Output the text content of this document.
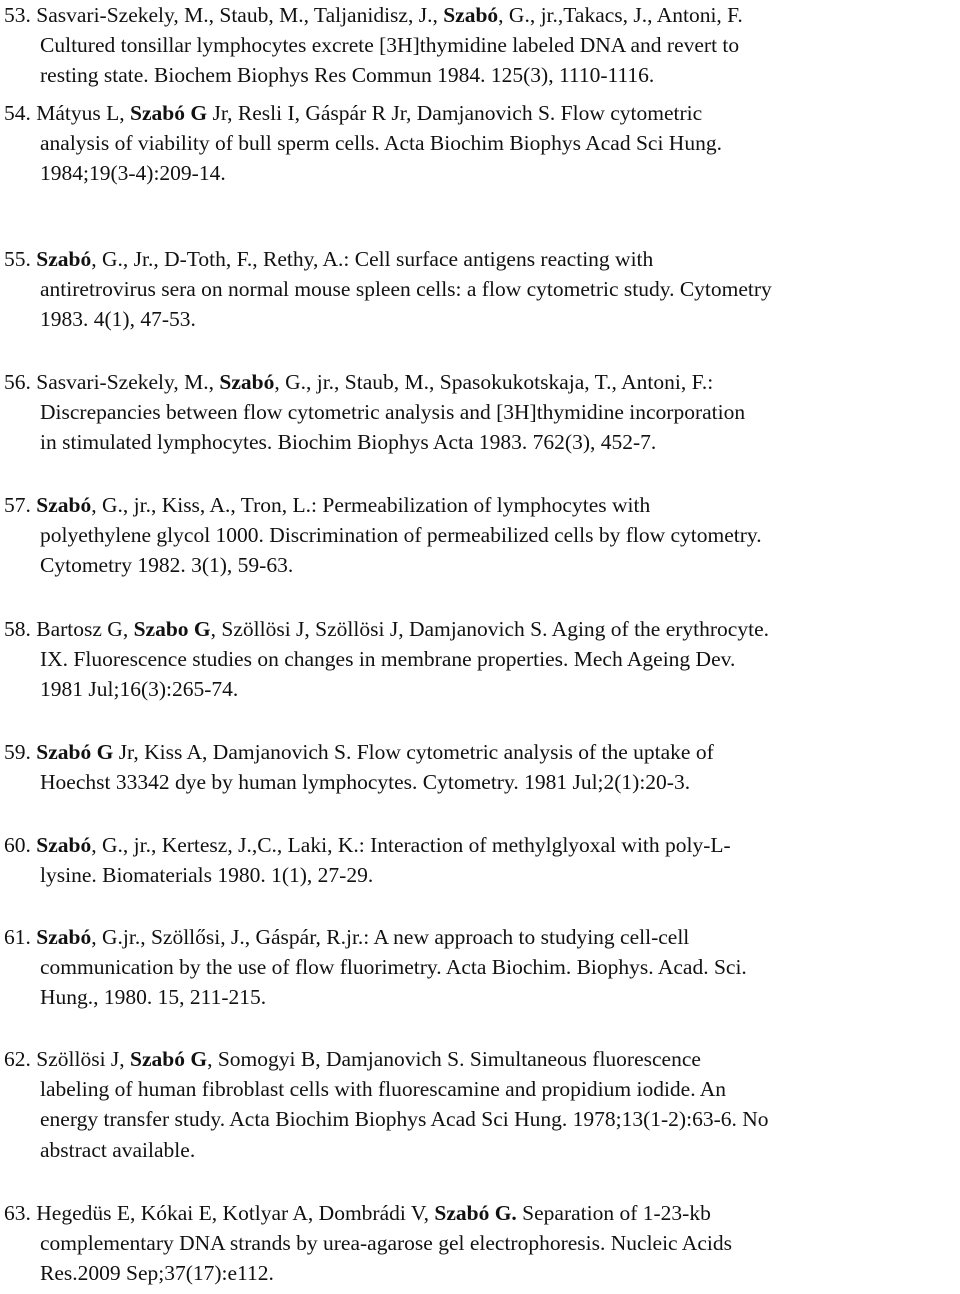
53. Sasvari-Szekely, M., Staub, M., Taljanidisz, J., Szabó, G., jr.,Takacs, J., Antoni, F.
Cultured tonsillar lymphocytes excrete [3H]thymidine labeled DNA and revert to
resting state. Biochem Biophys Res Commun 1984. 125(3), 1110-1116.
54. Mátyus L, Szabó G Jr, Resli I, Gáspár R Jr, Damjanovich S. Flow cytometric
analysis of viability of bull sperm cells. Acta Biochim Biophys Acad Sci Hung.
1984;19(3-4):209-14.
55. Szabó, G., Jr., D-Toth, F., Rethy, A.: Cell surface antigens reacting with
antiretrovirus sera on normal mouse spleen cells: a flow cytometric study. Cytometry
1983. 4(1), 47-53.
56. Sasvari-Szekely, M., Szabó, G., jr., Staub, M., Spasokukotskaja, T., Antoni, F.:
Discrepancies between flow cytometric analysis and [3H]thymidine incorporation
in stimulated lymphocytes. Biochim Biophys Acta 1983. 762(3), 452-7.
57. Szabó, G., jr., Kiss, A., Tron, L.: Permeabilization of lymphocytes with
polyethylene glycol 1000. Discrimination of permeabilized cells by flow cytometry.
Cytometry 1982. 3(1), 59-63.
58. Bartosz G, Szabo G, Szöllösi J, Szöllösi J, Damjanovich S. Aging of the erythrocyte.
IX. Fluorescence studies on changes in membrane properties. Mech Ageing Dev.
1981 Jul;16(3):265-74.
59. Szabó G Jr, Kiss A, Damjanovich S. Flow cytometric analysis of the uptake of
Hoechst 33342 dye by human lymphocytes. Cytometry. 1981 Jul;2(1):20-3.
60. Szabó, G., jr., Kertesz, J.,C., Laki, K.: Interaction of methylglyoxal with poly-L-
lysine. Biomaterials 1980. 1(1), 27-29.
61. Szabó, G.jr., Szöllősi, J., Gáspár, R.jr.: A new approach to studying cell-cell
communication by the use of flow fluorimetry. Acta Biochim. Biophys. Acad. Sci.
Hung., 1980. 15, 211-215.
62. Szöllösi J, Szabó G, Somogyi B, Damjanovich S. Simultaneous fluorescence
labeling of human fibroblast cells with fluorescamine and propidium iodide. An
energy transfer study. Acta Biochim Biophys Acad Sci Hung. 1978;13(1-2):63-6. No
abstract available.
63. Hegedüs E, Kókai E, Kotlyar A, Dombrádi V, Szabó G. Separation of 1-23-kb
complementary DNA strands by urea-agarose gel electrophoresis. Nucleic Acids
Res.2009 Sep;37(17):e112.
